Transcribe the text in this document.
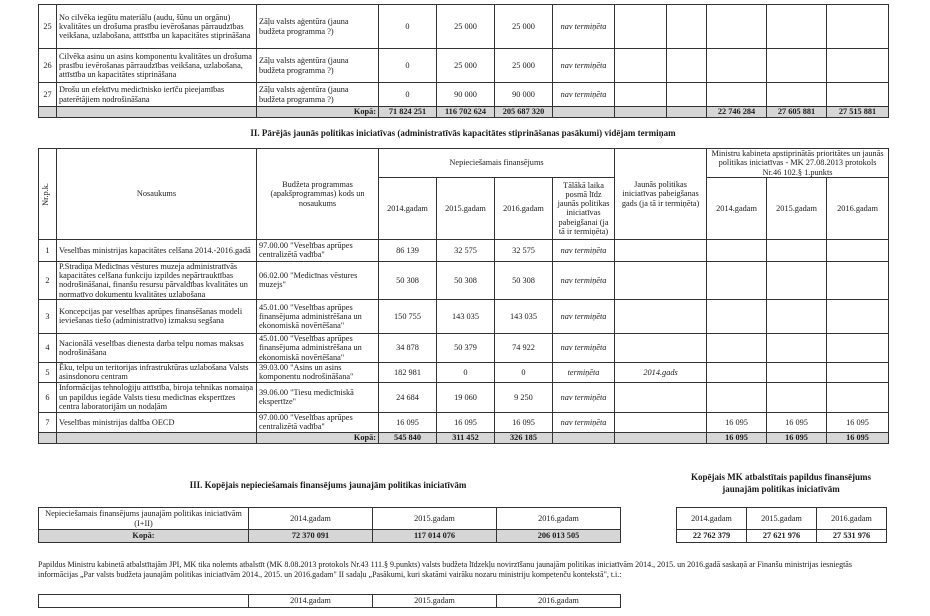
25	No cilvēka iegūtu materiālu (audu, šūnu un orgānu) kvalitātes un drošuma prasību ievērošanas pārraudzības veikšana, uzlabošana, attīstība un kapacitātes stiprināšana	Zāļu valsts aģentūra (jauna budžeta programma ?)	0	25 000	25 000	nav termiņēta					
26	Cilvēka asinu un asins komponentu kvalitātes un drošuma prasību ievērošanas pārraudzības veikšana, uzlabošana, attīstība un kapacitātes stiprināšana	Zāļu valsts aģentūra (jauna budžeta programma ?)	0	25 000	25 000	nav termiņēta					
27	Drošu un efektīvu medicīnisko ierīču pieejamības paterētājiem nodrošināšana	Zāļu valsts aģentūra (jauna budžeta programma ?)	0	90 000	90 000	nav termiņēta					
		Kopā:	71 824 251	116 702 624	205 687 320				22 746 284	27 605 881	27 515 881
II. Pārējās jaunās politikas iniciatīvas (administratīvās kapacitātes stiprināšanas pasākumi) vidējam termiņam
Nr.p.k.	Nosaukums	Budžeta programmas (apakšprogrammas) kods un nosaukums	Nepieciešamais finansējums				Jaunās politikas iniciatīvas pabeigšanas gads (ja tā ir termiņēta)	Ministru kabineta apstiprinātās prioritātes un jaunās politikas iniciatīvas - MK 27.08.2013 protokols Nr.46 102.§ 1.punkts		
			2014.gadam	2015.gadam	2016.gadam	Tālākā laika posmā līdz jaunās politikas iniciatīvas pabeigšanai (ja tā ir termiņēta)		2014.gadam	2015.gadam	2016.gadam
1	Veselības ministrijas kapacitātes celšana 2014.-2016.gadā	97.00.00 "Veselības aprūpes centralizētā vadība"	86 139	32 575	32 575	nav termiņēta				
2	P.Stradiņa Medicīnas vēstures muzeja administratīvās kapacitātes celšana funkciju izpildes nepārtrauktības nodrošināšanai, finanšu resursu pārvaldības kvalitātes un normatīvo dokumentu kvalitātes uzlabošana	06.02.00 "Medicīnas vēstures muzejs"	50 308	50 308	50 308	nav termiņēta				
3	Koncepcijas par veselības aprūpes finansēšanas modeli ieviešanas tiešo (administratīvo) izmaksu segšana	45.01.00 "Veselības aprūpes finansējuma administrēšana un ekonomiskā novērtēšana"	150 755	143 035	143 035	nav termiņēta				
4	Nacionālā veselības dienesta darba telpu nomas maksas nodrošināšana	45.01.00 "Veselības aprūpes finansējuma administrēšana un ekonomiskā novērtēšana"	34 878	50 379	74 922	nav termiņēta				
5	Ēku, telpu un teritorijas infrastruktūras uzlabošana Valsts asinsdonoru centram	39.03.00 "Asins un asins komponentu nodrošināšana"	182 981	0	0	termiņēta	2014.gads			
6	Informācijas tehnoloģiju attīstība, biroja tehnikas nomaiņa un papildus iegāde Valsts tiesu medicīnas ekspertīzes centra laboratorijām un nodaļām	39.06.00 "Tiesu medicīniskā ekspertīze"	24 684	19 060	9 250	nav termiņēta				
7	Veselības ministrijas dalība OECD	97.00.00 "Veselības aprūpes centralizētā vadība"	16 095	16 095	16 095	nav termiņēta		16 095	16 095	16 095
		Kopā:	545 840	311 452	326 185			16 095	16 095	16 095
III. Kopējais nepieciešamais finansējums jaunajām politikas iniciatīvām
Nepieciešamais finansējums jaunajām politikas iniciatīvām (I+II)	2014.gadam	2015.gadam	2016.gadam
Kopā:	72 370 091	117 014 076	206 013 505
Kopējais MK atbalstītais papildus finansējums jaunajām politikas iniciatīvām
2014.gadam	2015.gadam	2016.gadam
22 762 379	27 621 976	27 531 976
Papildus Ministru kabinetā atbalstītajām JPI, MK tika nolemts atbalstīt (MK 8.08.2013 protokols Nr.43 111.§ 9.punkts) valsts budžeta līdzekļu novirzīšanu jaunajām politikas iniciatīvām 2014., 2015. un 2016.gadā saskaņā ar Finanšu ministrijas iesniegtās informācijas „Par valsts budžeta jaunajām politikas iniciatīvām 2014., 2015. un 2016.gadam" II sadaļu „Pasākumi, kuri skatāmi vairāku nozaru ministriju kompetenču kontekstā", t.i.:
	2014.gadam	2015.gadam	2016.gadam
